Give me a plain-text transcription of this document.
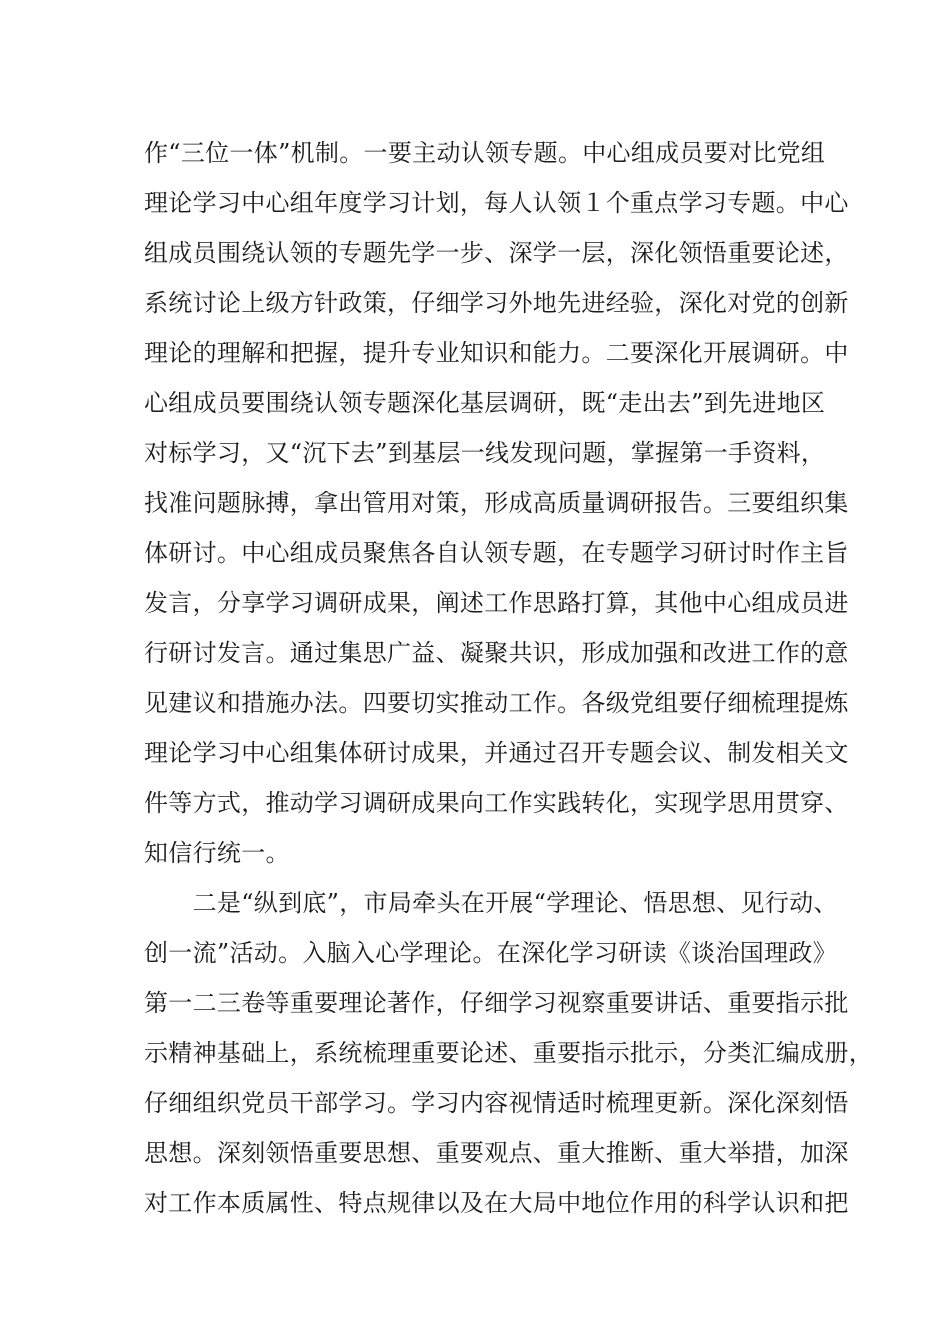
作“三位一体”机制。一要主动认领专题。中心组成员要对比党组
理论学习中心组年度学习计划，每人认领１个重点学习专题。中心
组成员围绕认领的专题先学一步、深学一层，深化领悟重要论述，
系统讨论上级方针政策，仔细学习外地先进经验，深化对党的创新
理论的理解和把握，提升专业知识和能力。二要深化开展调研。中
心组成员要围绕认领专题深化基层调研，既“走出去”到先进地区
对标学习，又“沉下去”到基层一线发现问题，掌握第一手资料，
找准问题脉搏，拿出管用对策，形成高质量调研报告。三要组织集
体研讨。中心组成员聚焦各自认领专题，在专题学习研讨时作主旨
发言，分享学习调研成果，阐述工作思路打算，其他中心组成员进
行研讨发言。通过集思广益、凝聚共识，形成加强和改进工作的意
见建议和措施办法。四要切实推动工作。各级党组要仔细梳理提炼
理论学习中心组集体研讨成果，并通过召开专题会议、制发相关文
件等方式，推动学习调研成果向工作实践转化，实现学思用贯穿、
知信行统一。
　　二是“纵到底”，市局牵头在开展“学理论、悟思想、见行动、
创一流”活动。入脑入心学理论。在深化学习研读《谈治国理政》
第一二三卷等重要理论著作，仔细学习视察重要讲话、重要指示批
示精神基础上，系统梳理重要论述、重要指示批示，分类汇编成册，
仔细组织党员干部学习。学习内容视情适时梳理更新。深化深刻悟
思想。深刻领悟重要思想、重要观点、重大推断、重大举措，加深
对工作本质属性、特点规律以及在大局中地位作用的科学认识和把
